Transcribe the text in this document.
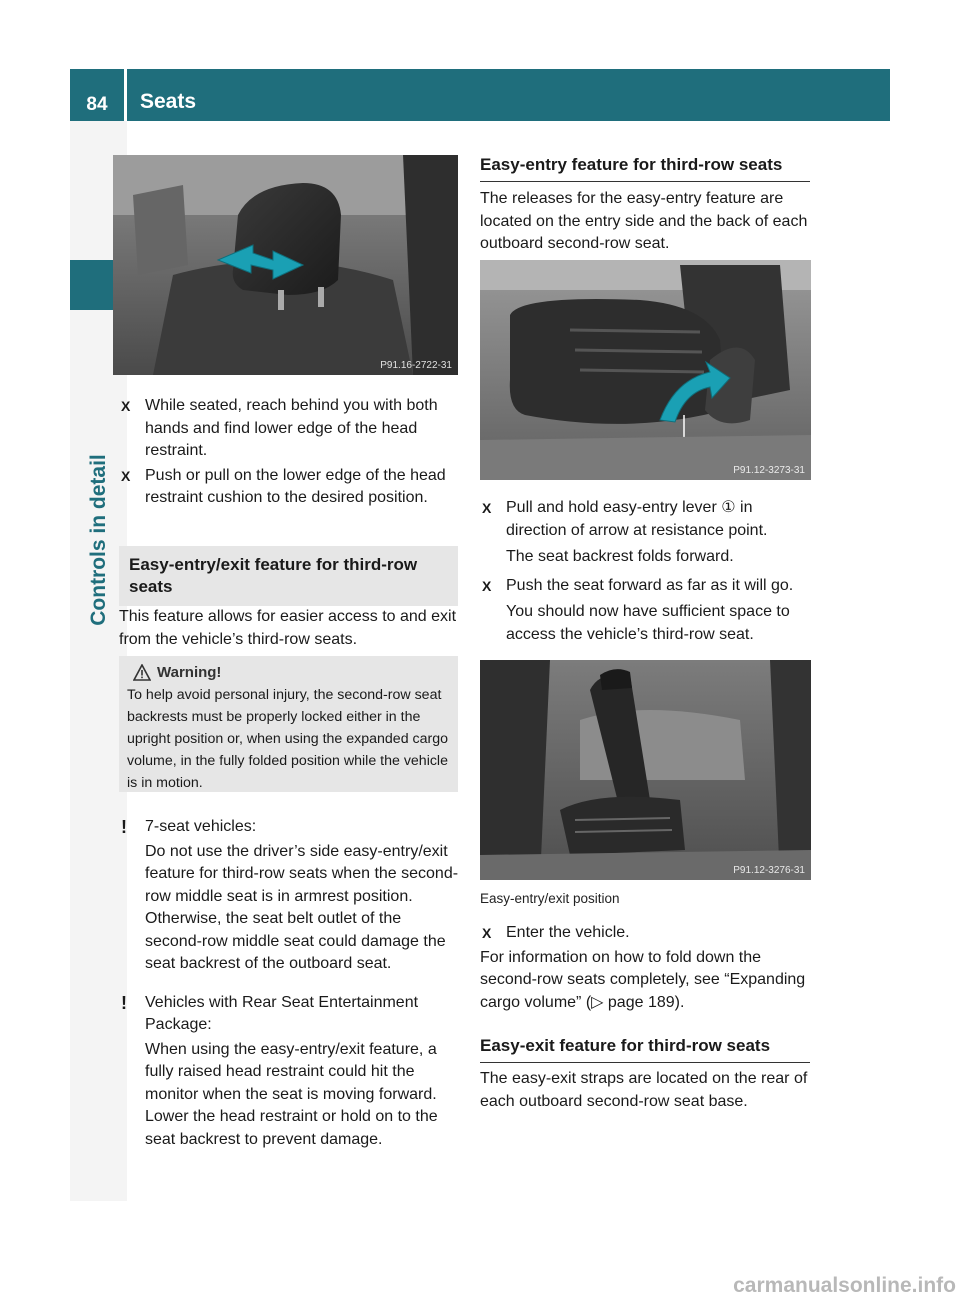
84	Seats
Controls in detail
P91.16-2722-31
X While seated, reach behind you with both hands and find lower edge of the head restraint.
X Push or pull on the lower edge of the head restraint cushion to the desired position.
Easy-entry/exit feature for third-row seats

This feature allows for easier access to and exit from the vehicle’s third-row seats.

Warning!
To help avoid personal injury, the second-row seat backrests must be properly locked either in the upright position or, when using the expanded cargo volume, in the fully folded position while the vehicle is in motion.
! 7-seat vehicles:

Do not use the driver’s side easy-entry/exit feature for third-row seats when the second-row middle seat is in armrest position. Otherwise, the seat belt outlet of the second-row middle seat could damage the seat backrest of the outboard seat.

! Vehicles with Rear Seat Entertainment Package:

When using the easy-entry/exit feature, a fully raised head restraint could hit the monitor when the seat is moving forward. Lower the head restraint or hold on to the seat backrest to prevent damage.

Easy-entry feature for third-row seats

The releases for the easy-entry feature are located on the entry side and the back of each outboard second-row seat.

P91.12-3273-31
X Pull and hold easy-entry lever ① in direction of arrow at resistance point.

The seat backrest folds forward.

X Push the seat forward as far as it will go.

You should now have sufficient space to access the vehicle’s third-row seat.

P91.12-3276-31
Easy-entry/exit position
X Enter the vehicle.

For information on how to fold down the second-row seats completely, see “Expanding cargo volume” (▷ page 189).

Easy-exit feature for third-row seats

The easy-exit straps are located on the rear of each outboard second-row seat base.

carmanualsonline.info
